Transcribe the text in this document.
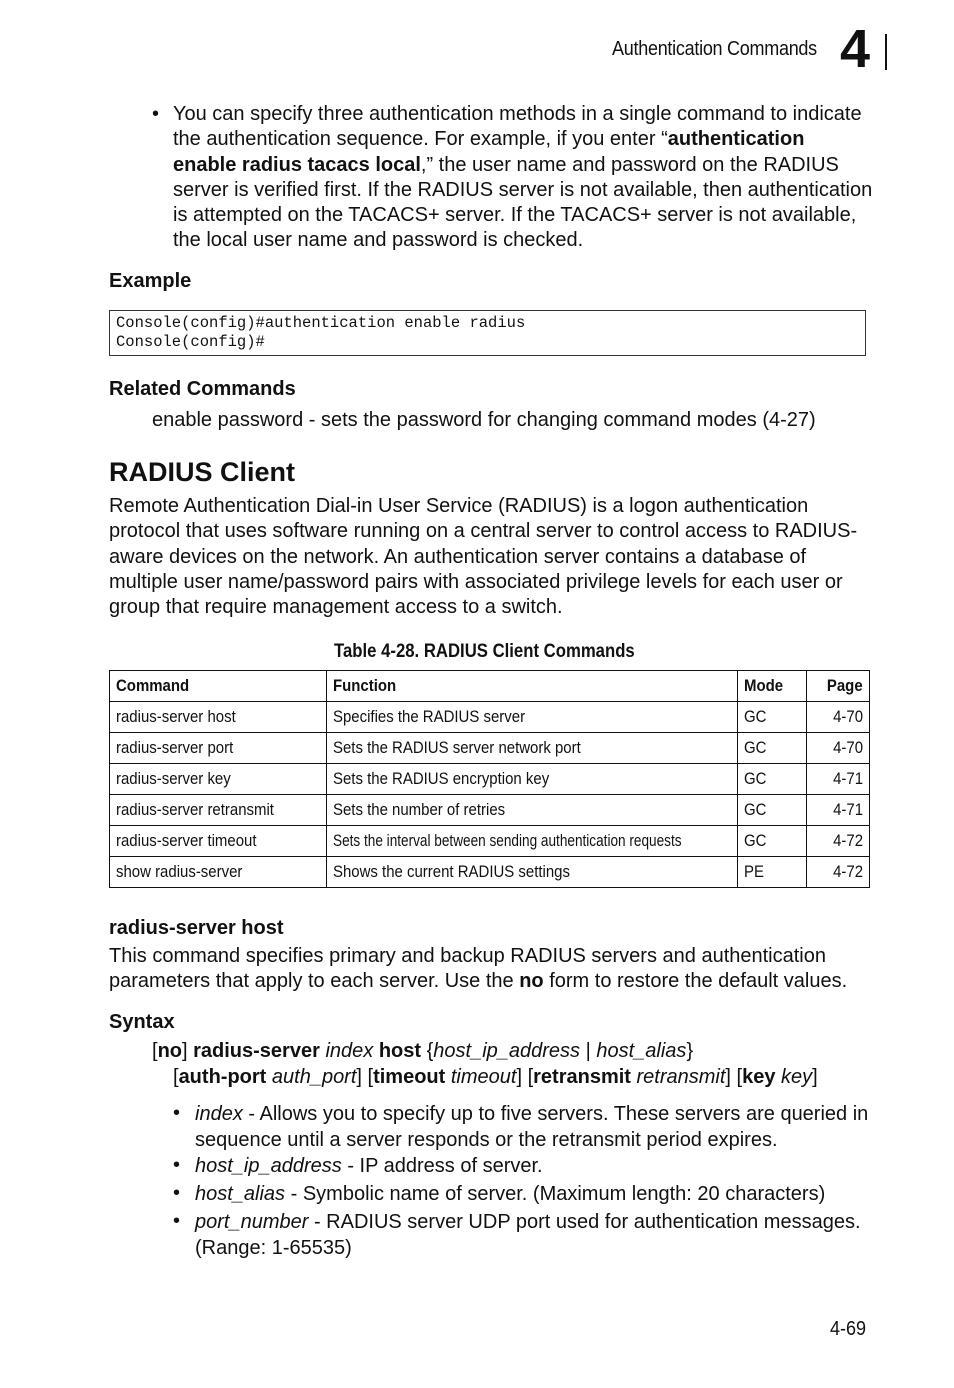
Authentication Commands 4
• You can specify three authentication methods in a single command to indicate the authentication sequence. For example, if you enter “authentication enable radius tacacs local,” the user name and password on the RADIUS server is verified first. If the RADIUS server is not available, then authentication is attempted on the TACACS+ server. If the TACACS+ server is not available, the local user name and password is checked.
Example
Console(config)#authentication enable radius
Console(config)#
Related Commands
enable password - sets the password for changing command modes (4-27)
RADIUS Client
Remote Authentication Dial-in User Service (RADIUS) is a logon authentication protocol that uses software running on a central server to control access to RADIUS-aware devices on the network. An authentication server contains a database of multiple user name/password pairs with associated privilege levels for each user or group that require management access to a switch.
Table 4-28. RADIUS Client Commands
Command	Function	Mode	Page
radius-server host	Specifies the RADIUS server	GC	4-70
radius-server port	Sets the RADIUS server network port	GC	4-70
radius-server key	Sets the RADIUS encryption key	GC	4-71
radius-server retransmit	Sets the number of retries	GC	4-71
radius-server timeout	Sets the interval between sending authentication requests	GC	4-72
show radius-server	Shows the current RADIUS settings	PE	4-72
radius-server host
This command specifies primary and backup RADIUS servers and authentication parameters that apply to each server. Use the no form to restore the default values.
Syntax
[no] radius-server index host {host_ip_address | host_alias}
[auth-port auth_port] [timeout timeout] [retransmit retransmit] [key key]
• index - Allows you to specify up to five servers. These servers are queried in sequence until a server responds or the retransmit period expires.
• host_ip_address - IP address of server.
• host_alias - Symbolic name of server. (Maximum length: 20 characters)
• port_number - RADIUS server UDP port used for authentication messages. (Range: 1-65535)
4-69
